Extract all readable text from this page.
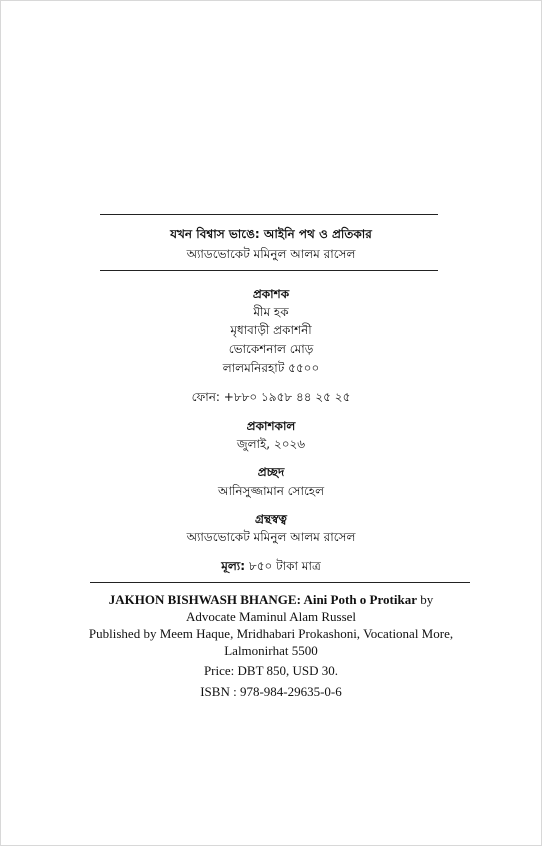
যখন বিশ্বাস ভাঙে: আইনি পথ ও প্রতিকার
অ্যাডভোকেট মমিনুল আলম রাসেল
প্রকাশক
মীম হক
মৃধাবাড়ী প্রকাশনী
ভোকেশনাল মোড়
লালমনিরহাট ৫৫০০
ফোন: +৮৮০ ১৯৫৮ ৪৪ ২৫ ২৫
প্রকাশকাল
জুলাই, ২০২৬
প্রচ্ছদ
আনিসুজ্জামান সোহেল
গ্রন্থস্বত্ব
অ্যাডভোকেট মমিনুল আলম রাসেল
মূল্য: ৮৫০ টাকা মাত্র
JAKHON BISHWASH BHANGE: Aini Poth o Protikar by
Advocate Maminul Alam Russel
Published by Meem Haque, Mridhabari Prokashoni, Vocational More,
Lalmonirhat 5500
Price: DBT 850, USD 30.
ISBN : 978-984-29635-0-6
